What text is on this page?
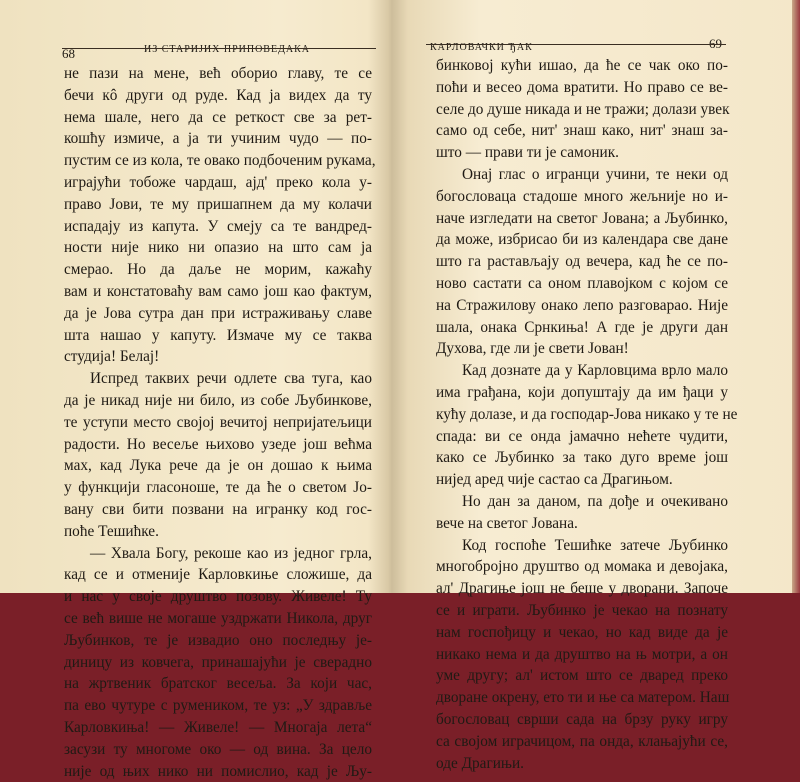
68	ИЗ СТАРИЈИХ ПРИПОВЕДАКА
не пази на мене, већ оборио главу, те се
бечи кô други од руде. Кад ја видех да ту
нема шале, него да се реткост све за рет-
кошћу измиче, а ја ти учиним чудо — по-
пустим се из кола, те овако подбоченим рукама,
играјући тобоже чардаш, ајд' преко кола у-
право Јови, те му пришапнем да му колачи
испадају из капута. У смеју са те вандред-
ности није нико ни опазио на што сам ја
смерао. Но да даље не морим, кажаћу
вам и констатоваћу вам само још као фактум,
да је Јова сутра дан при истраживању славе
шта нашао у капуту. Измаче му се таква
студија! Белај!
Испред таквих речи одлете сва туга, као
да је никад није ни било, из собе Љубинкове,
те уступи место својој вечитој непријатељици
радости. Но весеље њихово узеде још већма
мах, кад Лука рече да је он дошао к њима
у функцији гласоноше, те да ће о светом Јо-
вану сви бити позвани на игранку код гос-
поће Тешићке.
— Хвала Богу, рекоше као из једног грла,
кад се и отменије Карловкиње сложише, да
и нас у своје друштво позову. Живеле! Ту
се већ више не могаше уздржати Никола, друг
Љубинков, те је извадио оно последњу је-
диницу из ковчега, принашајући је сверадно
на жртвеник братског весеља. За који час,
па ево чутуре с румеником, те уз: „У здравље
Карловкиња! — Живеле! — Многаја лета“
засузи ту многоме око — од вина. За цело
није од њих нико ни помислио, кад је Љу-
КАРЛОВАЧКИ ЂАК	69
бинковој кући ишао, да ће се чак око по-
поћи и весео дома вратити. Но право се ве-
селе до душе никада и не тражи; долази увек
само од себе, нит' знаш како, нит' знаш за-
што — прави ти је самоник.
Онај глас о игранци учини, те неки од
богословаца стадоше много жељније но и-
наче изгледати на светог Јована; а Љубинко,
да може, избрисао би из календара све дане
што га растављају од вечера, кад ће се по-
ново састати са оном плавојком с којом се
на Стражилову онако лепо разговарао. Није
шала, онака Срнкиња! А где је други дан
Духова, где ли је свети Јован!
Кад дознате да у Карловцима врло мало
има грађана, који допуштају да им ђаци у
кућу долазе, и да господар-Јова никако у те не
спада: ви се онда јамачно нећете чудити,
како се Љубинко за тако дуго време још
нијед аред чије састао са Драгињом.
Но дан за даном, па дође и очекивано
вече на светог Јована.
Код госпоће Тешићке затече Љубинко
многобројно друштво од момака и девојака,
ал' Драгиње још не беше у дворани. Започе
се и играти. Љубинко је чекао на познату
нам госпођицу и чекао, но кад виде да је
никако нема и да друштво на њ мотри, а он
уме другу; ал' истом што се дваред преко
дворане окрену, ето ти и ње са матером. Наш
богословац сврши сада на брзу руку игру
са својом играчицом, па онда, клањајући се,
оде Драгињи.
